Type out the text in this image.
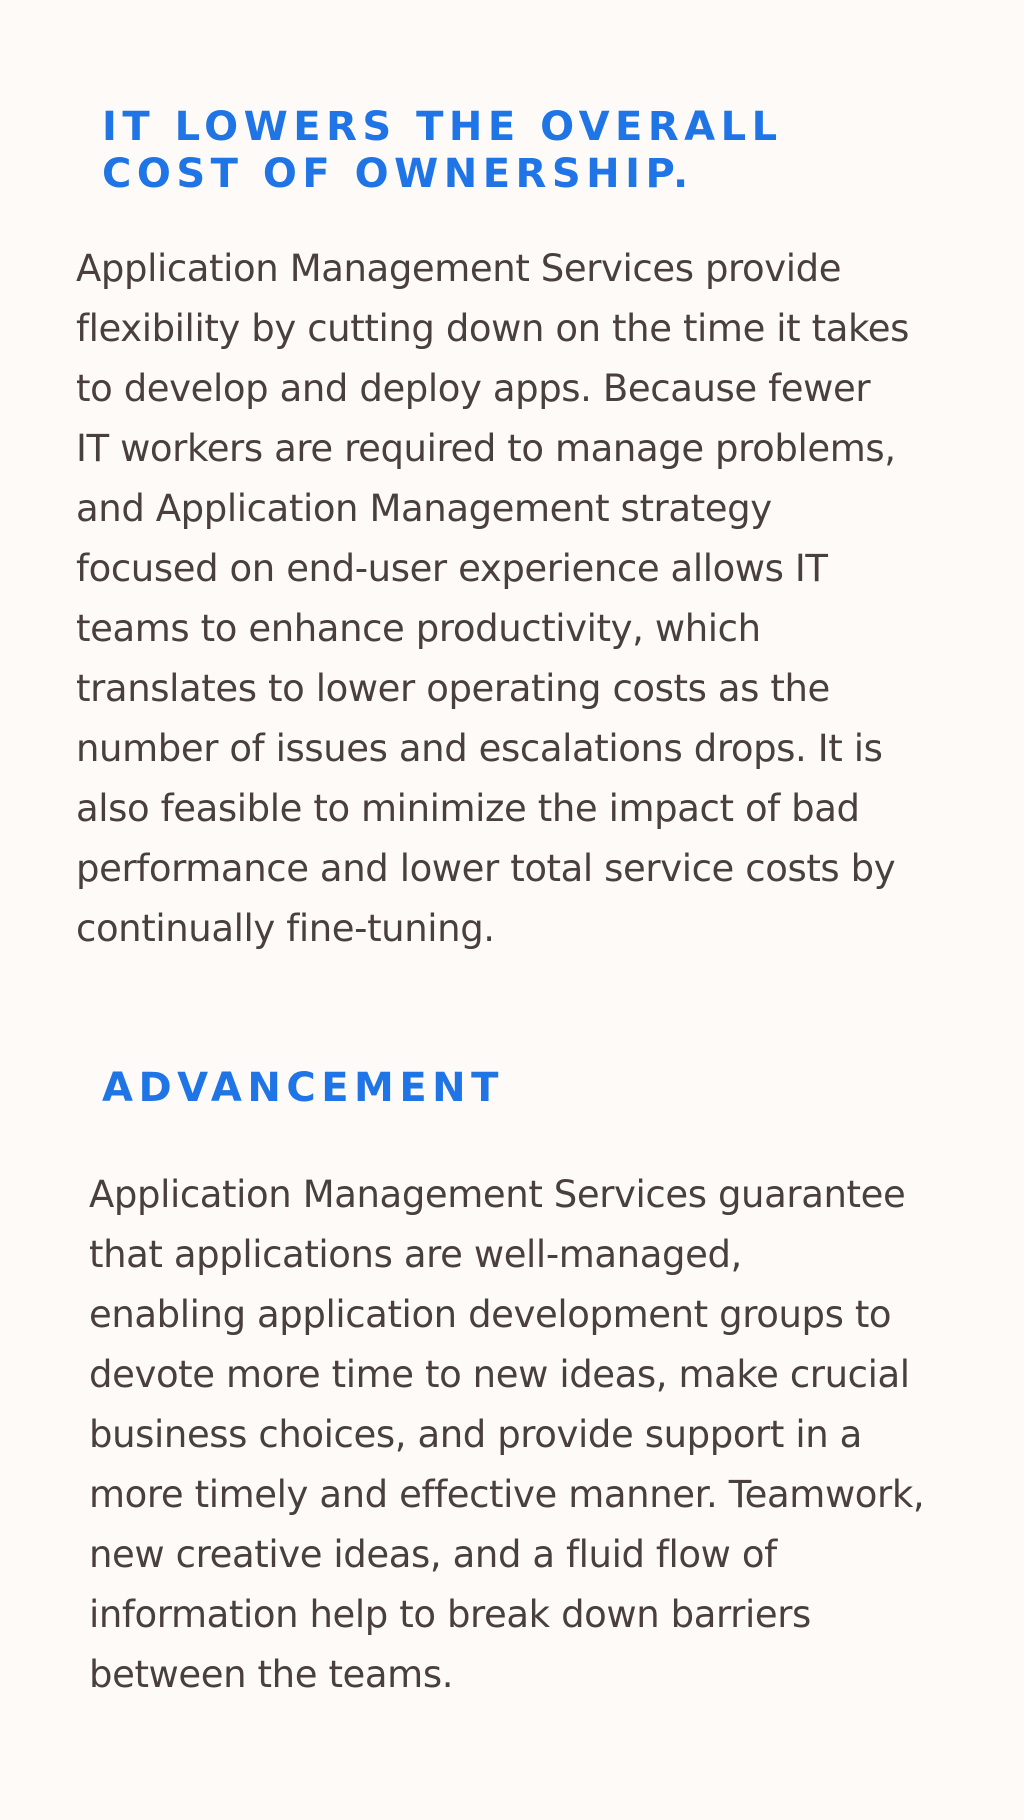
IT LOWERS THE OVERALL
COST OF OWNERSHIP.
Application Management Services provide
flexibility by cutting down on the time it takes
to develop and deploy apps. Because fewer
IT workers are required to manage problems,
and Application Management strategy
focused on end-user experience allows IT
teams to enhance productivity, which
translates to lower operating costs as the
number of issues and escalations drops. It is
also feasible to minimize the impact of bad
performance and lower total service costs by
continually fine-tuning.
ADVANCEMENT
Application Management Services guarantee
that applications are well-managed,
enabling application development groups to
devote more time to new ideas, make crucial
business choices, and provide support in a
more timely and effective manner. Teamwork,
new creative ideas, and a fluid flow of
information help to break down barriers
between the teams.
